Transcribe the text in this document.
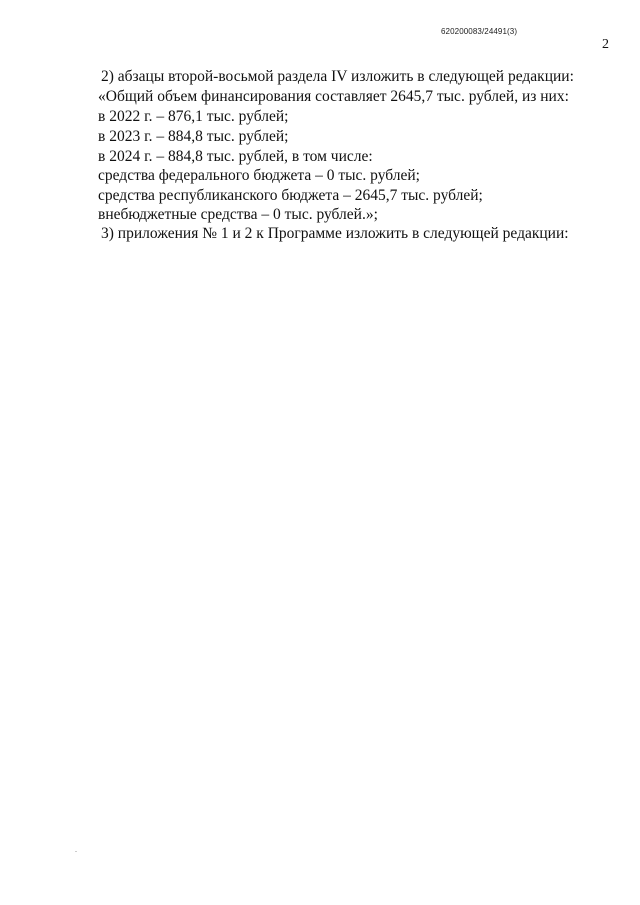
620200083/24491(3)
2
2) абзацы второй-восьмой раздела IV изложить в следующей редакции:
«Общий объем финансирования составляет 2645,7 тыс. рублей, из них:
в 2022 г. – 876,1 тыс. рублей;
в 2023 г. – 884,8 тыс. рублей;
в 2024 г. – 884,8 тыс. рублей, в том числе:
средства федерального бюджета – 0 тыс. рублей;
средства республиканского бюджета – 2645,7 тыс. рублей;
внебюджетные средства – 0 тыс. рублей.»;
3) приложения № 1 и 2 к Программе изложить в следующей редакции:
